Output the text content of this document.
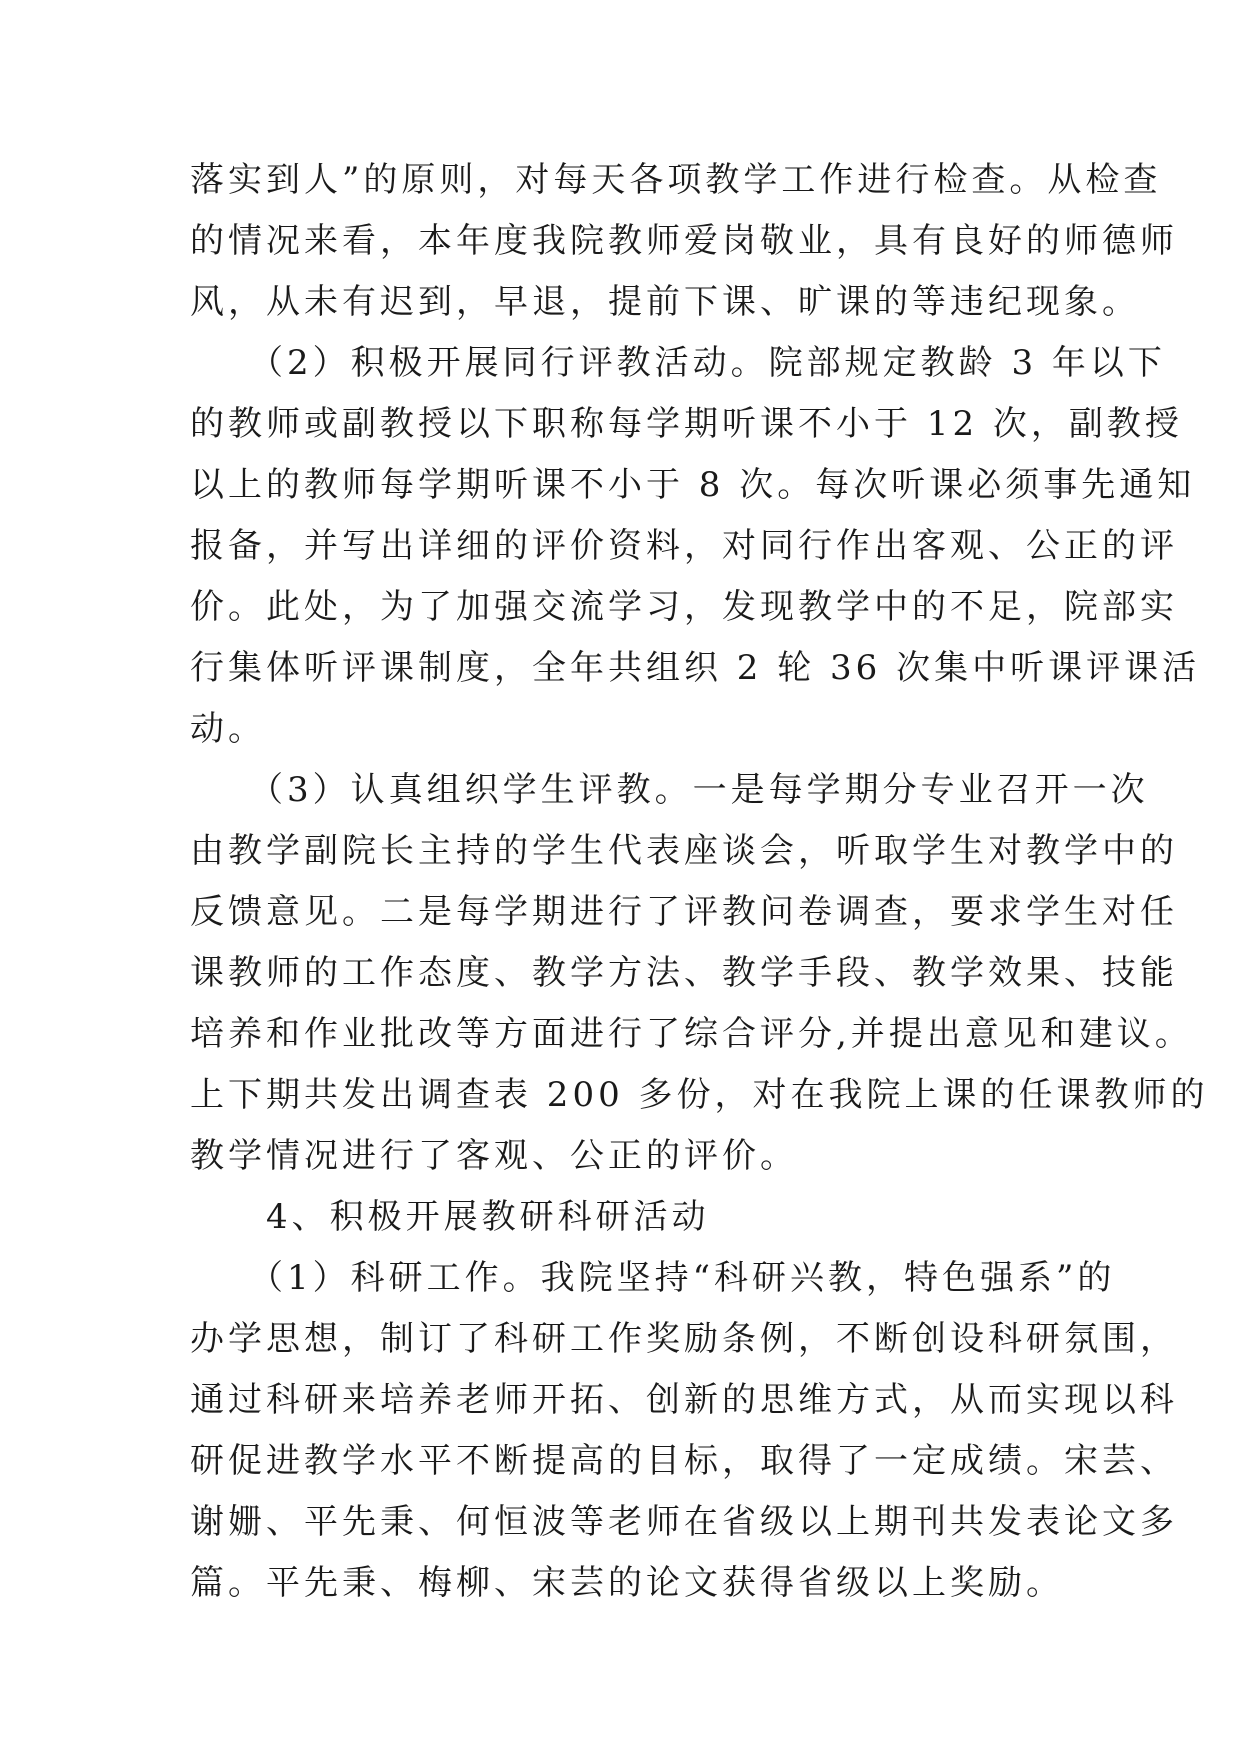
落实到人”的原则，对每天各项教学工作进行检查。从检查
的情况来看，本年度我院教师爱岗敬业，具有良好的师德师
风，从未有迟到，早退，提前下课、旷课的等违纪现象。
　　（2）积极开展同行评教活动。院部规定教龄 3 年以下
的教师或副教授以下职称每学期听课不小于 12 次，副教授
以上的教师每学期听课不小于 8 次。每次听课必须事先通知
报备，并写出详细的评价资料，对同行作出客观、公正的评
价。此处，为了加强交流学习，发现教学中的不足，院部实
行集体听评课制度，全年共组织 2 轮 36 次集中听课评课活
动。
　　（3）认真组织学生评教。一是每学期分专业召开一次
由教学副院长主持的学生代表座谈会，听取学生对教学中的
反馈意见。二是每学期进行了评教问卷调查，要求学生对任
课教师的工作态度、教学方法、教学手段、教学效果、技能
培养和作业批改等方面进行了综合评分,并提出意见和建议。
上下期共发出调查表 200 多份，对在我院上课的任课教师的
教学情况进行了客观、公正的评价。
　　4、积极开展教研科研活动
　　（1）科研工作。我院坚持“科研兴教，特色强系”的
办学思想，制订了科研工作奖励条例，不断创设科研氛围，
通过科研来培养老师开拓、创新的思维方式，从而实现以科
研促进教学水平不断提高的目标，取得了一定成绩。宋芸、
谢姗、平先秉、何恒波等老师在省级以上期刊共发表论文多
篇。平先秉、梅柳、宋芸的论文获得省级以上奖励。
